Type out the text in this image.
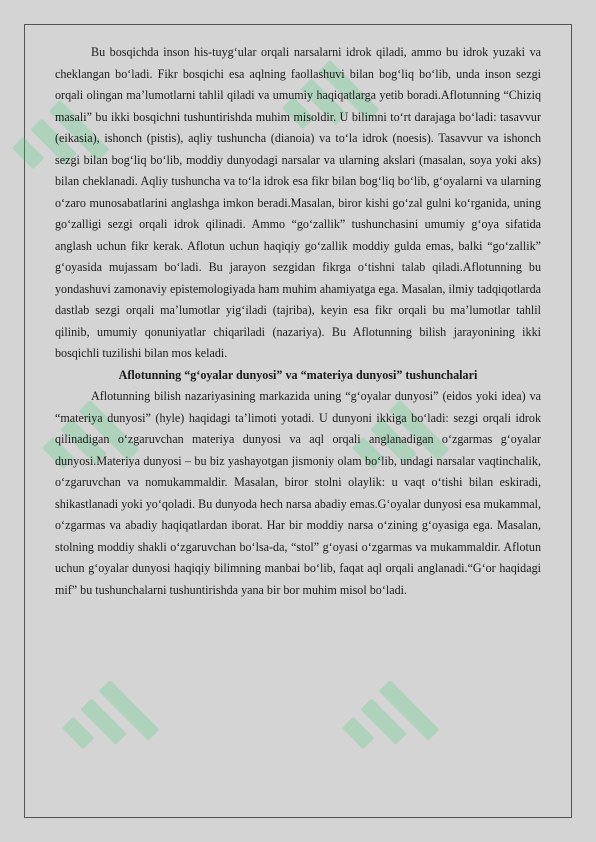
Bu bosqichda inson his-tuyg‘ular orqali narsalarni idrok qiladi, ammo bu idrok yuzaki va cheklangan bo‘ladi. Fikr bosqichi esa aqlning faollashuvi bilan bog‘liq bo‘lib, unda inson sezgi orqali olingan ma’lumotlarni tahlil qiladi va umumiy haqiqatlarga yetib boradi.Aflotunning “Chiziq masali” bu ikki bosqichni tushuntirishda muhim misoldir. U bilimni to‘rt darajaga bo‘ladi: tasavvur (eikasia), ishonch (pistis), aqliy tushuncha (dianoia) va to‘la idrok (noesis). Tasavvur va ishonch sezgi bilan bog‘liq bo‘lib, moddiy dunyodagi narsalar va ularning akslari (masalan, soya yoki aks) bilan cheklanadi. Aqliy tushuncha va to‘la idrok esa fikr bilan bog‘liq bo‘lib, g‘oyalarni va ularning o‘zaro munosabatlarini anglashga imkon beradi.Masalan, biror kishi go‘zal gulni ko‘rganida, uning go‘zalligi sezgi orqali idrok qilinadi. Ammo “go‘zallik” tushunchasini umumiy g‘oya sifatida anglash uchun fikr kerak. Aflotun uchun haqiqiy go‘zallik moddiy gulda emas, balki “go‘zallik” g‘oyasida mujassam bo‘ladi. Bu jarayon sezgidan fikrga o‘tishni talab qiladi.Aflotunning bu yondashuvi zamonaviy epistemologiyada ham muhim ahamiyatga ega. Masalan, ilmiy tadqiqotlarda dastlab sezgi orqali ma’lumotlar yig‘iladi (tajriba), keyin esa fikr orqali bu ma’lumotlar tahlil qilinib, umumiy qonuniyatlar chiqariladi (nazariya). Bu Aflotunning bilish jarayonining ikki bosqichli tuzilishi bilan mos keladi.

Aflotunning “g‘oyalar dunyosi” va “materiya dunyosi” tushunchalari

Aflotunning bilish nazariyasining markazida uning “g‘oyalar dunyosi” (eidos yoki idea) va “materiya dunyosi” (hyle) haqidagi ta’limoti yotadi. U dunyoni ikkiga bo‘ladi: sezgi orqali idrok qilinadigan o‘zgaruvchan materiya dunyosi va aql orqali anglanadigan o‘zgarmas g‘oyalar dunyosi.Materiya dunyosi – bu biz yashayotgan jismoniy olam bo‘lib, undagi narsalar vaqtinchalik, o‘zgaruvchan va nomukammaldir. Masalan, biror stolni olaylik: u vaqt o‘tishi bilan eskiradi, shikastlanadi yoki yo‘qoladi. Bu dunyoda hech narsa abadiy emas.G‘oyalar dunyosi esa mukammal, o‘zgarmas va abadiy haqiqatlardan iborat. Har bir moddiy narsa o‘zining g‘oyasiga ega. Masalan, stolning moddiy shakli o‘zgaruvchan bo‘lsa-da, “stol” g‘oyasi o‘zgarmas va mukammaldir. Aflotun uchun g‘oyalar dunyosi haqiqiy bilimning manbai bo‘lib, faqat aql orqali anglanadi.“G‘or haqidagi mif” bu tushunchalarni tushuntirishda yana bir bor muhim misol bo‘ladi.
